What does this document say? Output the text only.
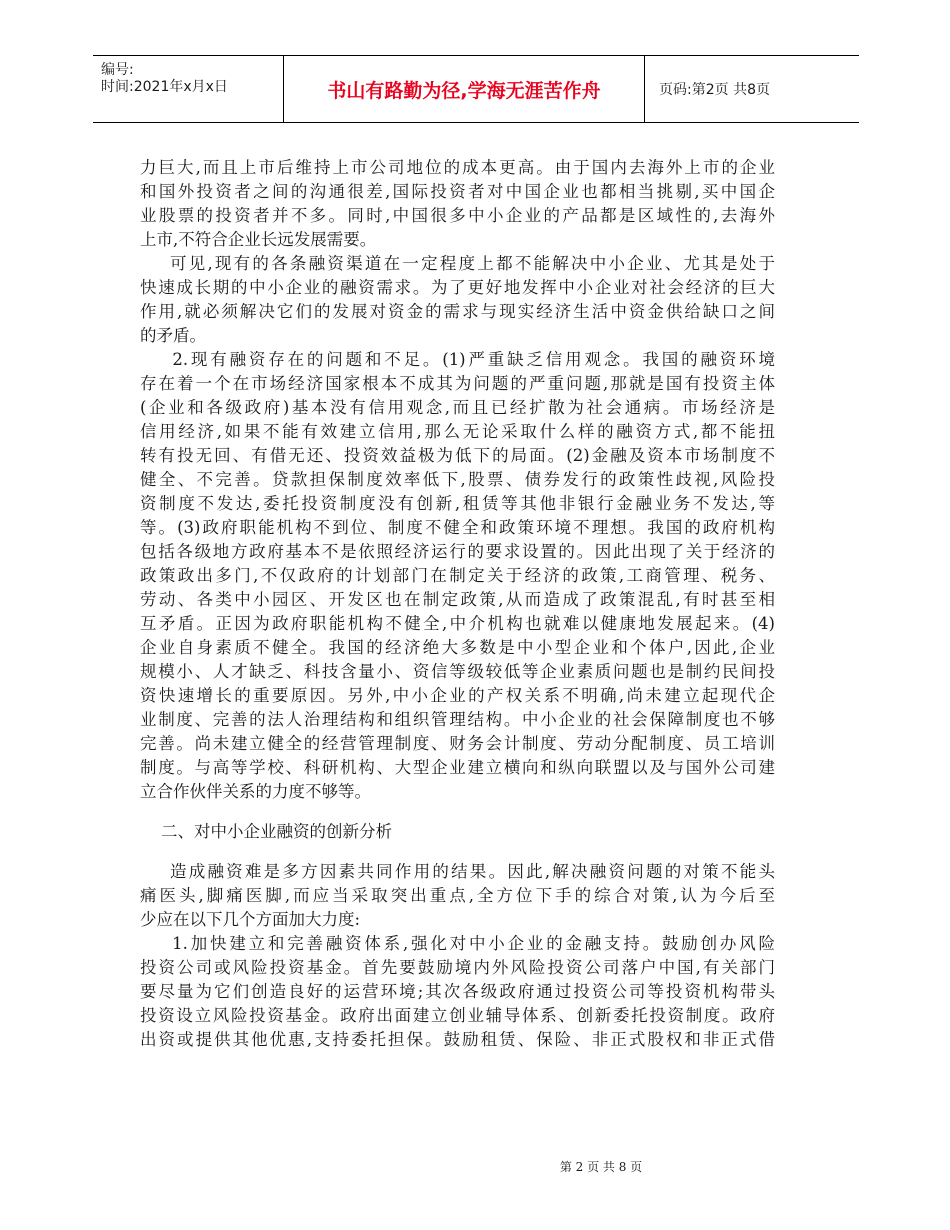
编号:
时间:2021年x月x日	书山有路勤为径,学海无涯苦作舟	页码:第2页 共8页
力巨大,而且上市后维持上市公司地位的成本更高。由于国内去海外上市的企业
和国外投资者之间的沟通很差,国际投资者对中国企业也都相当挑剔,买中国企
业股票的投资者并不多。同时,中国很多中小企业的产品都是区域性的,去海外
上市,不符合企业长远发展需要。
可见,现有的各条融资渠道在一定程度上都不能解决中小企业、尤其是处于
快速成长期的中小企业的融资需求。为了更好地发挥中小企业对社会经济的巨大
作用,就必须解决它们的发展对资金的需求与现实经济生活中资金供给缺口之间
的矛盾。
2.现有融资存在的问题和不足。(1)严重缺乏信用观念。我国的融资环境
存在着一个在市场经济国家根本不成其为问题的严重问题,那就是国有投资主体
(企业和各级政府)基本没有信用观念,而且已经扩散为社会通病。市场经济是
信用经济,如果不能有效建立信用,那么无论采取什么样的融资方式,都不能扭
转有投无回、有借无还、投资效益极为低下的局面。(2)金融及资本市场制度不
健全、不完善。贷款担保制度效率低下,股票、债券发行的政策性歧视,风险投
资制度不发达,委托投资制度没有创新,租赁等其他非银行金融业务不发达,等
等。(3)政府职能机构不到位、制度不健全和政策环境不理想。我国的政府机构
包括各级地方政府基本不是依照经济运行的要求设置的。因此出现了关于经济的
政策政出多门,不仅政府的计划部门在制定关于经济的政策,工商管理、税务、
劳动、各类中小园区、开发区也在制定政策,从而造成了政策混乱,有时甚至相
互矛盾。正因为政府职能机构不健全,中介机构也就难以健康地发展起来。(4)
企业自身素质不健全。我国的经济绝大多数是中小型企业和个体户,因此,企业
规模小、人才缺乏、科技含量小、资信等级较低等企业素质问题也是制约民间投
资快速增长的重要原因。另外,中小企业的产权关系不明确,尚未建立起现代企
业制度、完善的法人治理结构和组织管理结构。中小企业的社会保障制度也不够
完善。尚未建立健全的经营管理制度、财务会计制度、劳动分配制度、员工培训
制度。与高等学校、科研机构、大型企业建立横向和纵向联盟以及与国外公司建
立合作伙伴关系的力度不够等。
二、对中小企业融资的创新分析
造成融资难是多方因素共同作用的结果。因此,解决融资问题的对策不能头
痛医头,脚痛医脚,而应当采取突出重点,全方位下手的综合对策,认为今后至
少应在以下几个方面加大力度:
1.加快建立和完善融资体系,强化对中小企业的金融支持。鼓励创办风险
投资公司或风险投资基金。首先要鼓励境内外风险投资公司落户中国,有关部门
要尽量为它们创造良好的运营环境;其次各级政府通过投资公司等投资机构带头
投资设立风险投资基金。政府出面建立创业辅导体系、创新委托投资制度。政府
出资或提供其他优惠,支持委托担保。鼓励租赁、保险、非正式股权和非正式借
第 2 页 共 8 页
